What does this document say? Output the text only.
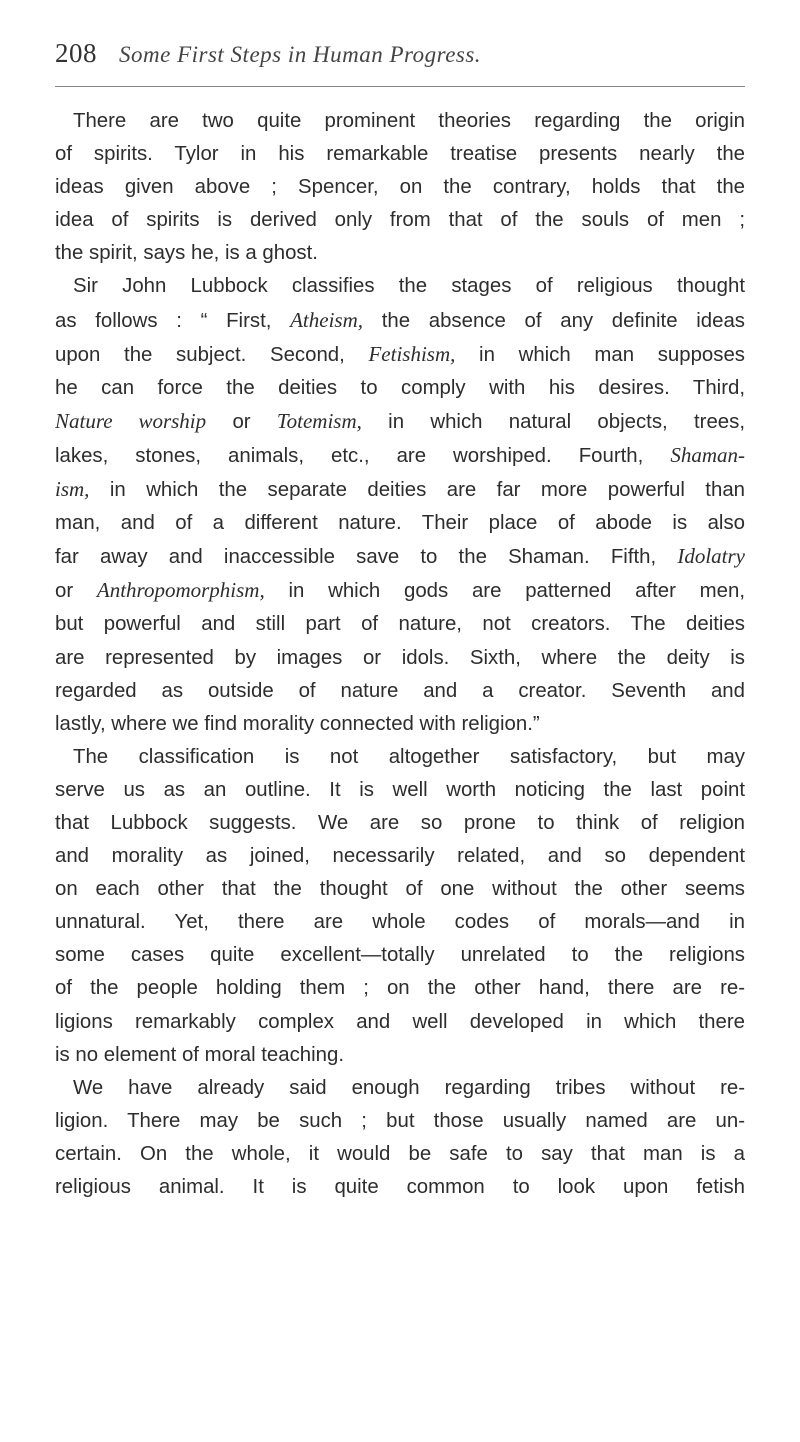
208 Some First Steps in Human Progress.
There are two quite prominent theories regarding the origin
of spirits. Tylor in his remarkable treatise presents nearly the
ideas given above ; Spencer, on the contrary, holds that the
idea of spirits is derived only from that of the souls of men ;
the spirit, says he, is a ghost.
Sir John Lubbock classifies the stages of religious thought
as follows : “ First, Atheism, the absence of any definite ideas
upon the subject. Second, Fetishism, in which man supposes
he can force the deities to comply with his desires. Third,
Nature worship or Totemism, in which natural objects, trees,
lakes, stones, animals, etc., are worshiped. Fourth, Shaman-
ism, in which the separate deities are far more powerful than
man, and of a different nature. Their place of abode is also
far away and inaccessible save to the Shaman. Fifth, Idolatry
or Anthropomorphism, in which gods are patterned after men,
but powerful and still part of nature, not creators. The deities
are represented by images or idols. Sixth, where the deity is
regarded as outside of nature and a creator. Seventh and
lastly, where we find morality connected with religion.”
The classification is not altogether satisfactory, but may
serve us as an outline. It is well worth noticing the last point
that Lubbock suggests. We are so prone to think of religion
and morality as joined, necessarily related, and so dependent
on each other that the thought of one without the other seems
unnatural. Yet, there are whole codes of morals—and in
some cases quite excellent—totally unrelated to the religions
of the people holding them ; on the other hand, there are re-
ligions remarkably complex and well developed in which there
is no element of moral teaching.
We have already said enough regarding tribes without re-
ligion. There may be such ; but those usually named are un-
certain. On the whole, it would be safe to say that man is a
religious animal. It is quite common to look upon fetish
